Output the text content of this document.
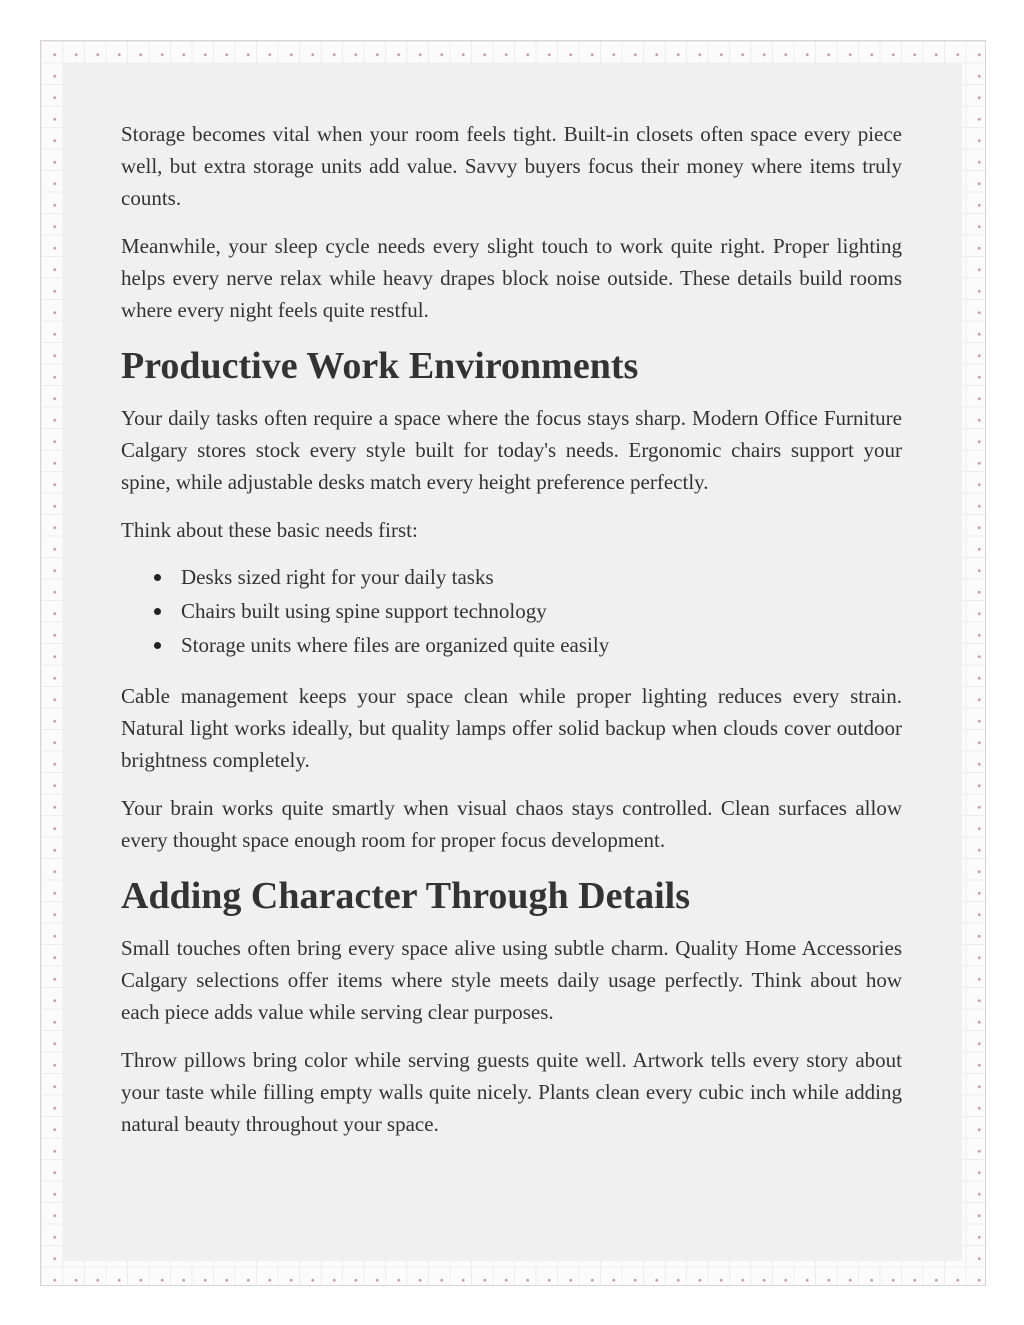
Storage becomes vital when your room feels tight. Built-in closets often space every piece well, but extra storage units add value. Savvy buyers focus their money where items truly counts.

Meanwhile, your sleep cycle needs every slight touch to work quite right. Proper lighting helps every nerve relax while heavy drapes block noise outside. These details build rooms where every night feels quite restful.

Productive Work Environments

Your daily tasks often require a space where the focus stays sharp. Modern Office Furniture Calgary stores stock every style built for today's needs. Ergonomic chairs support your spine, while adjustable desks match every height preference perfectly.

Think about these basic needs first:

Desks sized right for your daily tasks
Chairs built using spine support technology
Storage units where files are organized quite easily

Cable management keeps your space clean while proper lighting reduces every strain. Natural light works ideally, but quality lamps offer solid backup when clouds cover outdoor brightness completely.

Your brain works quite smartly when visual chaos stays controlled. Clean surfaces allow every thought space enough room for proper focus development.

Adding Character Through Details

Small touches often bring every space alive using subtle charm. Quality Home Accessories Calgary selections offer items where style meets daily usage perfectly. Think about how each piece adds value while serving clear purposes.

Throw pillows bring color while serving guests quite well. Artwork tells every story about your taste while filling empty walls quite nicely. Plants clean every cubic inch while adding natural beauty throughout your space.
